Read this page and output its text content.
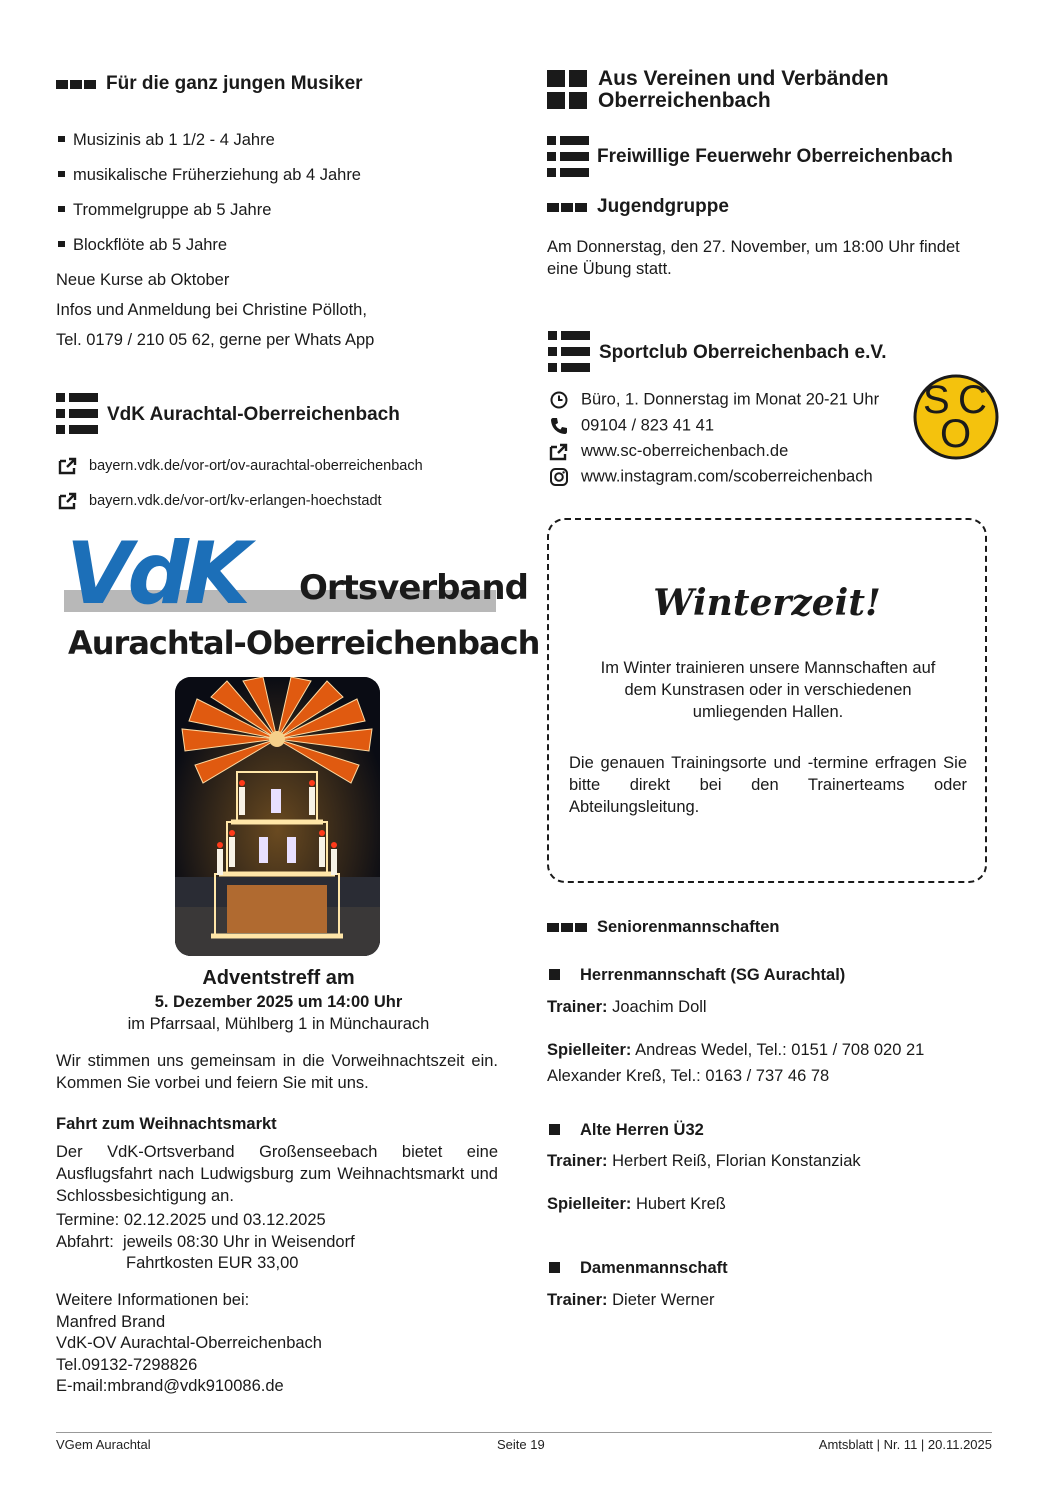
Für die ganz jungen Musiker
Musizinis ab 1 1/2 - 4 Jahre
musikalische Früherziehung ab 4 Jahre
Trommelgruppe ab 5 Jahre
Blockflöte ab 5 Jahre
Neue Kurse ab Oktober
Infos und Anmeldung bei Christine Pölloth,
Tel. 0179 / 210 05 62, gerne per Whats App
VdK Aurachtal-Oberreichenbach
bayern.vdk.de/vor-ort/ov-aurachtal-oberreichenbach
bayern.vdk.de/vor-ort/kv-erlangen-hoechstadt
VdK Ortsverband
Aurachtal-Oberreichenbach
Adventstreff am
5. Dezember 2025 um 14:00 Uhr
im Pfarrsaal, Mühlberg 1 in Münchaurach
Wir stimmen uns gemeinsam in die Vorweihnachtszeit ein. Kommen Sie vorbei und feiern Sie mit uns.
Fahrt zum Weihnachtsmarkt
Der VdK-Ortsverband Großenseebach bietet eine Ausflugsfahrt nach Ludwigsburg zum Weihnachtsmarkt und Schlossbesichtigung an.
Termine: 02.12.2025 und 03.12.2025
Abfahrt:  jeweils 08:30 Uhr in Weisendorf
Fahrtkosten EUR 33,00
Weitere Informationen bei:
Manfred Brand
VdK-OV Aurachtal-Oberreichenbach
Tel.09132-7298826
E-mail:mbrand@vdk910086.de
Aus Vereinen und Verbänden
Oberreichenbach
Freiwillige Feuerwehr Oberreichenbach
Jugendgruppe
Am Donnerstag, den 27. November, um 18:00 Uhr findet eine Übung statt.
Sportclub Oberreichenbach e.V.
Büro, 1. Donnerstag im Monat 20-21 Uhr
09104 / 823 41 41
www.sc-oberreichenbach.de
www.instagram.com/scoberreichenbach
S C
O
Winterzeit!
Im Winter trainieren unsere Mannschaften auf dem Kunstrasen oder in verschiedenen umliegenden Hallen.
Die genauen Trainingsorte und -termine erfragen Sie bitte direkt bei den Trainerteams oder Abteilungsleitung.
Seniorenmannschaften
Herrenmannschaft (SG Aurachtal)
Trainer: Joachim Doll
Spielleiter: Andreas Wedel, Tel.: 0151 / 708 020 21
Alexander Kreß, Tel.: 0163 / 737 46 78
Alte Herren Ü32
Trainer: Herbert Reiß, Florian Konstanziak
Spielleiter: Hubert Kreß
Damenmannschaft
Trainer: Dieter Werner
VGem Aurachtal	Seite 19	Amtsblatt | Nr. 11 | 20.11.2025
